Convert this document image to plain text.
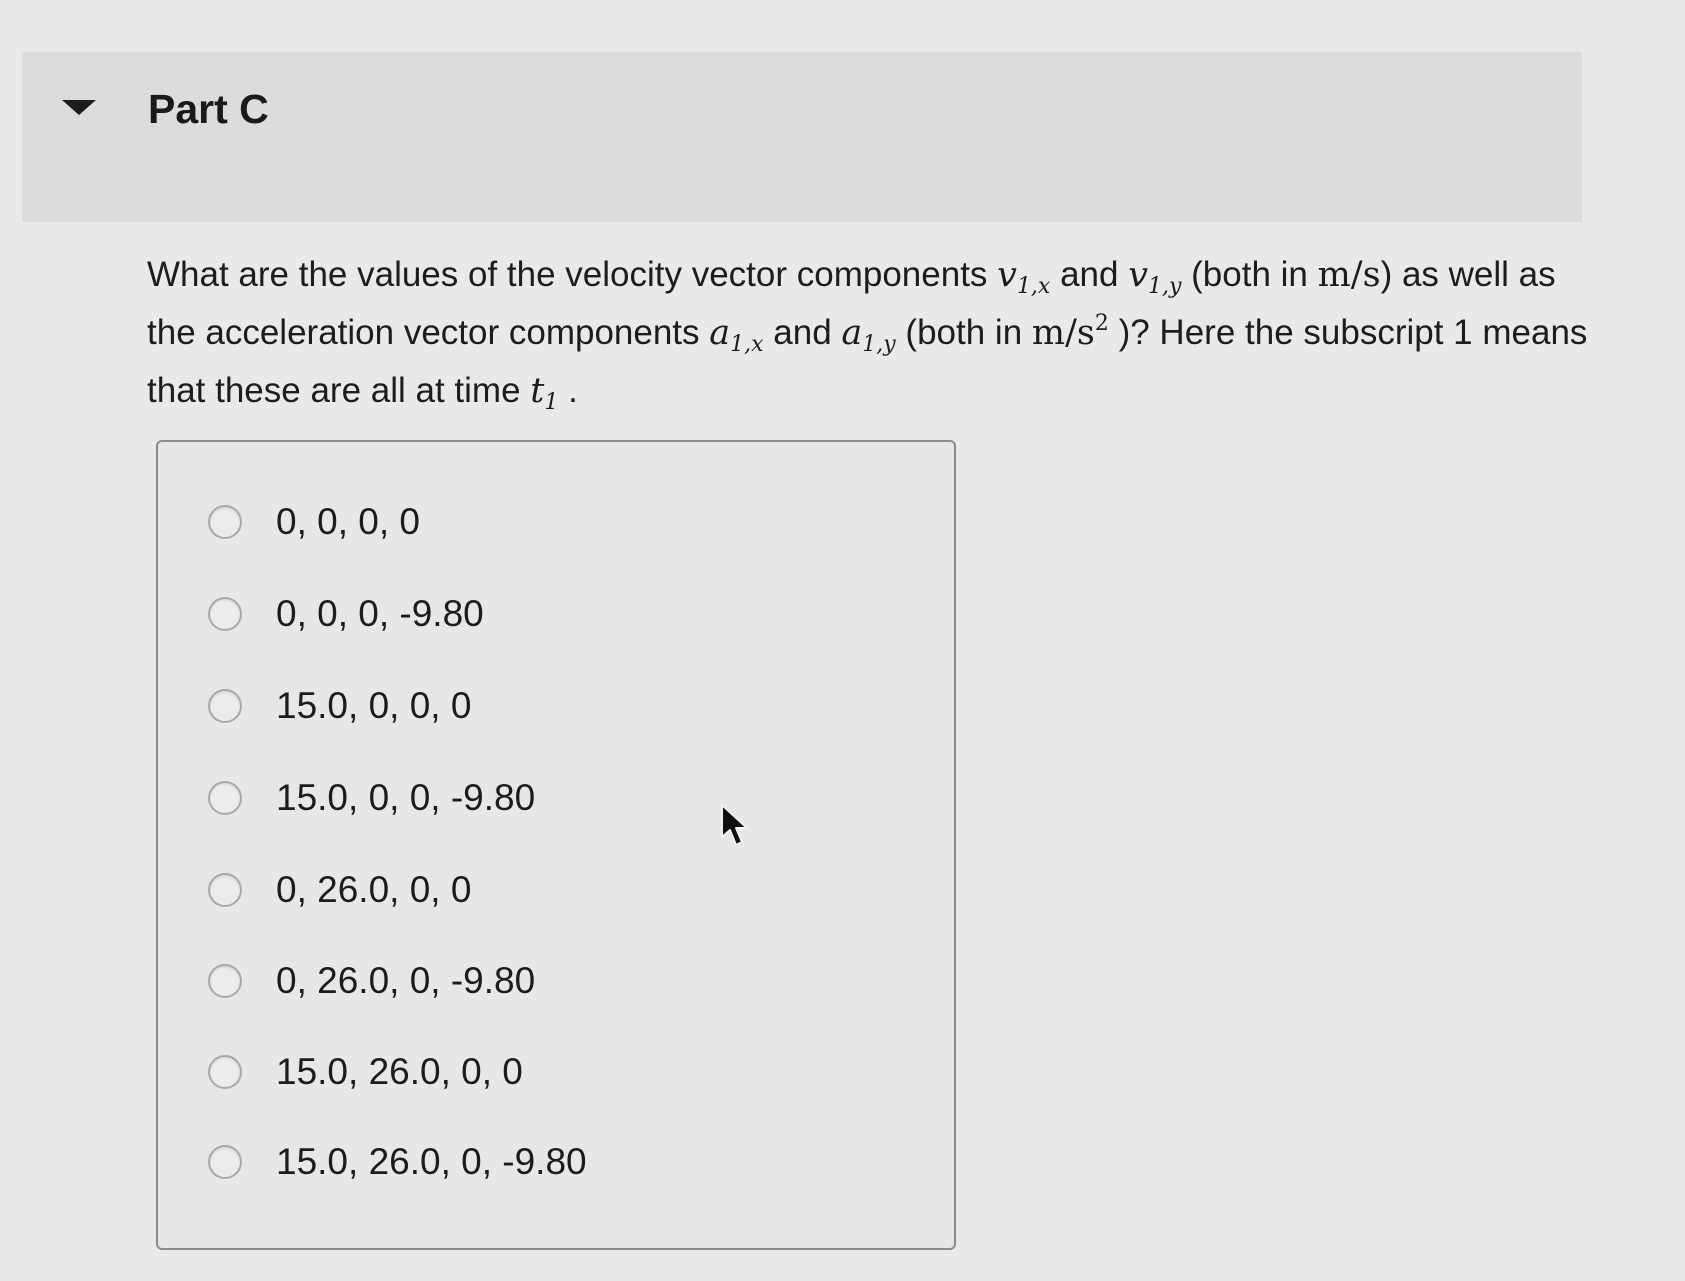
Part C
What are the values of the velocity vector components $v_{1,x}$ and $v_{1,y}$ (both in m/s) as well as the acceleration vector components $a_{1,x}$ and $a_{1,y}$ (both in $m/s^2$ )? Here the subscript 1 means that these are all at time $t_1$ .
0, 0, 0, 0
0, 0, 0, -9.80
15.0, 0, 0, 0
15.0, 0, 0, -9.80
0, 26.0, 0, 0
0, 26.0, 0, -9.80
15.0, 26.0, 0, 0
15.0, 26.0, 0, -9.80
